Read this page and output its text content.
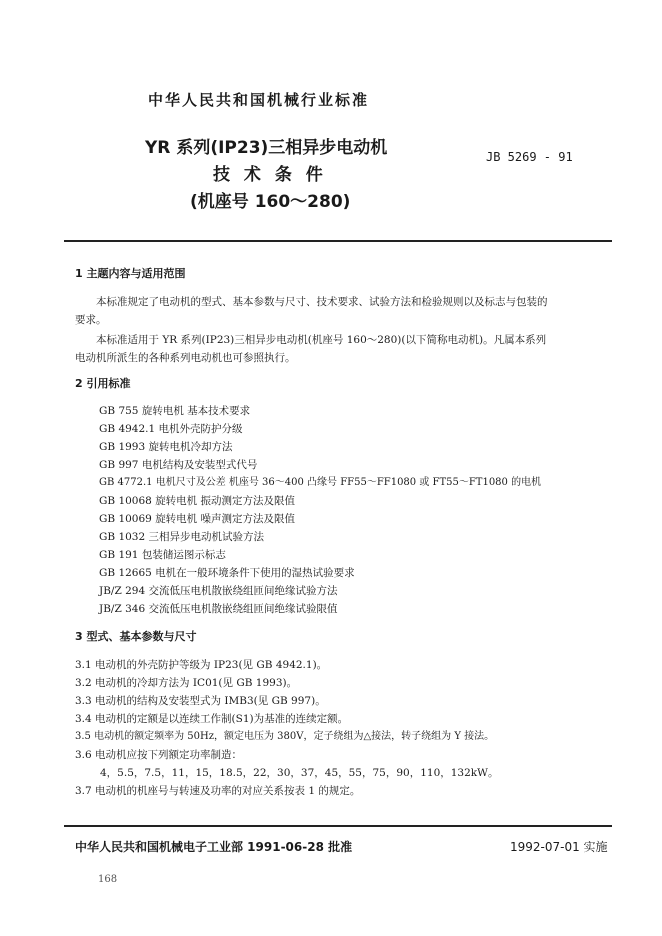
中华人民共和国机械行业标准
YR 系列(IP23)三相异步电动机
技 术 条 件
(机座号 160～280)
JB 5269 - 91
1 主题内容与适用范围
本标准规定了电动机的型式、基本参数与尺寸、技术要求、试验方法和检验规则以及标志与包装的
要求。
本标准适用于 YR 系列(IP23)三相异步电动机(机座号 160～280)(以下简称电动机)。凡属本系列
电动机所派生的各种系列电动机也可参照执行。
2 引用标准
GB 755 旋转电机 基本技术要求
GB 4942.1 电机外壳防护分级
GB 1993 旋转电机冷却方法
GB 997 电机结构及安装型式代号
GB 4772.1 电机尺寸及公差 机座号 36～400 凸缘号 FF55～FF1080 或 FT55～FT1080 的电机
GB 10068 旋转电机 振动测定方法及限值
GB 10069 旋转电机 噪声测定方法及限值
GB 1032 三相异步电动机试验方法
GB 191 包装储运图示标志
GB 12665 电机在一般环境条件下使用的湿热试验要求
JB/Z 294 交流低压电机散嵌绕组匝间绝缘试验方法
JB/Z 346 交流低压电机散嵌绕组匝间绝缘试验限值
3 型式、基本参数与尺寸
3.1 电动机的外壳防护等级为 IP23(见 GB 4942.1)。
3.2 电动机的冷却方法为 IC01(见 GB 1993)。
3.3 电动机的结构及安装型式为 IMB3(见 GB 997)。
3.4 电动机的定额是以连续工作制(S1)为基准的连续定额。
3.5 电动机的额定频率为 50Hz，额定电压为 380V，定子绕组为△接法，转子绕组为 Y 接法。
3.6 电动机应按下列额定功率制造：
4，5.5，7.5，11，15，18.5，22，30，37，45，55，75，90，110，132kW。
3.7 电动机的机座号与转速及功率的对应关系按表 1 的规定。
中华人民共和国机械电子工业部 1991-06-28 批准	1992-07-01 实施
168
